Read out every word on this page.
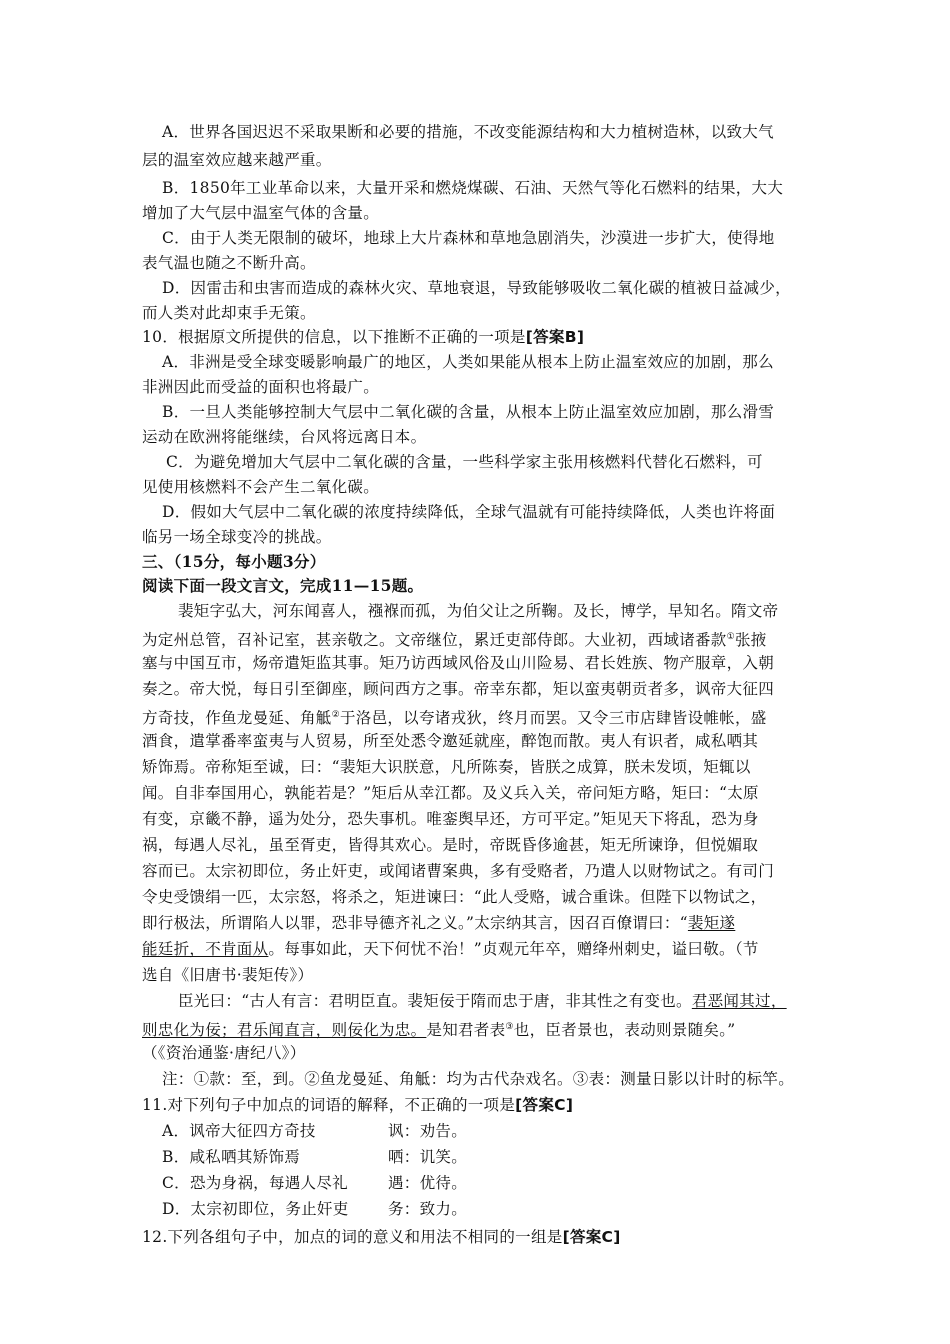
A．世界各国迟迟不采取果断和必要的措施，不改变能源结构和大力植树造林，以致大气
层的温室效应越来越严重。
B．1850年工业革命以来，大量开采和燃烧煤碳、石油、天然气等化石燃料的结果，大大
增加了大气层中温室气体的含量。
C．由于人类无限制的破坏，地球上大片森林和草地急剧消失，沙漠进一步扩大，使得地
表气温也随之不断升高。
D．因雷击和虫害而造成的森林火灾、草地衰退，导致能够吸收二氧化碳的植被日益减少，
而人类对此却束手无策。
10．根据原文所提供的信息，以下推断不正确的一项是[答案B]
A．非洲是受全球变暖影响最广的地区，人类如果能从根本上防止温室效应的加剧，那么
非洲因此而受益的面积也将最广。
B．一旦人类能够控制大气层中二氧化碳的含量，从根本上防止温室效应加剧，那么滑雪
运动在欧洲将能继续，台风将远离日本。
C．为避免增加大气层中二氧化碳的含量，一些科学家主张用核燃料代替化石燃料，可
见使用核燃料不会产生二氧化碳。
D．假如大气层中二氧化碳的浓度持续降低，全球气温就有可能持续降低，人类也许将面
临另一场全球变冷的挑战。
三、（15分，每小题3分）
阅读下面一段文言文，完成11—15题。
裴矩字弘大，河东闻喜人，襁褓而孤，为伯父让之所鞠。及长，博学，早知名。隋文帝
为定州总管，召补记室，甚亲敬之。文帝继位，累迁吏部侍郎。大业初，西域诸番款①张掖
塞与中国互市，炀帝遣矩监其事。矩乃访西域风俗及山川险易、君长姓族、物产服章，入朝
奏之。帝大悦，每日引至御座，顾问西方之事。帝幸东都，矩以蛮夷朝贡者多，讽帝大征四
方奇技，作鱼龙曼延、角觝②于洛邑，以夸诸戎狄，终月而罢。又令三市店肆皆设帷帐，盛
酒食，遣掌番率蛮夷与人贸易，所至处悉令邀延就座，醉饱而散。夷人有识者，咸私哂其
矫饰焉。帝称矩至诚，曰：“裴矩大识朕意，凡所陈奏，皆朕之成算，朕未发顷，矩辄以
闻。自非奉国用心，孰能若是？”矩后从幸江都。及义兵入关，帝问矩方略，矩曰：“太原
有变，京畿不静，遥为处分，恐失事机。唯銮舆早还，方可平定。”矩见天下将乱，恐为身
祸，每遇人尽礼，虽至胥吏，皆得其欢心。是时，帝既昏侈逾甚，矩无所谏诤，但悦媚取
容而已。太宗初即位，务止奸吏，或闻诸曹案典，多有受赂者，乃遣人以财物试之。有司门
令史受馈绢一匹，太宗怒，将杀之，矩进谏曰：“此人受赂，诚合重诛。但陛下以物试之，
即行极法，所谓陷人以罪，恐非导德齐礼之义。”太宗纳其言，因召百僚谓曰：“裴矩遂
能廷折，不肯面从。每事如此，天下何忧不治！”贞观元年卒，赠绛州刺史，谥曰敬。（节
选自《旧唐书·裴矩传》）
臣光曰：“古人有言：君明臣直。裴矩佞于隋而忠于唐，非其性之有变也。君恶闻其过，
则忠化为佞；君乐闻直言，则佞化为忠。是知君者表③也，臣者景也，表动则景随矣。”
（《资治通鉴·唐纪八》）
注：①款：至，到。②鱼龙曼延、角觝：均为古代杂戏名。③表：测量日影以计时的标竿。
11.对下列句子中加点的词语的解释，不正确的一项是[答案C]
A．讽帝大征四方奇技	讽：劝告。
B．咸私哂其矫饰焉	哂：讥笑。
C．恐为身祸，每遇人尽礼	遇：优待。
D．太宗初即位，务止奸吏	务：致力。
12.下列各组句子中，加点的词的意义和用法不相同的一组是[答案C]
